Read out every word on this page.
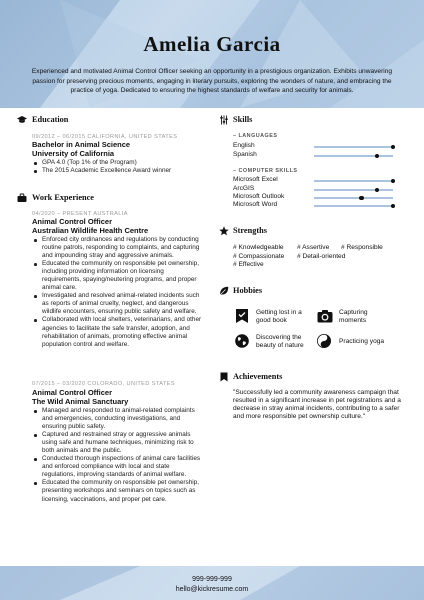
Amelia Garcia
Experienced and motivated Animal Control Officer seeking an opportunity in a prestigious organization. Exhibits unwavering passion for preserving precious moments, engaging in literary pursuits, exploring the wonders of nature, and embracing the practice of yoga. Dedicated to ensuring the highest standards of welfare and security for animals.
Education
09/2012 – 06/2015 CALIFORNIA, UNITED STATES
Bachelor in Animal Science
University of California
GPA 4.0 (Top 1% of the Program)
The 2015 Academic Excellence Award winner
Work Experience
04/2020 – PRESENT AUSTRALIA
Animal Control Officer
Australian Wildlife Health Centre
Enforced city ordinances and regulations by conducting routine patrols, responding to complaints, and capturing and impounding stray and aggressive animals.
Educated the community on responsible pet ownership, including providing information on licensing requirements, spaying/neutering programs, and proper animal care.
Investigated and resolved animal-related incidents such as reports of animal cruelty, neglect, and dangerous wildlife encounters, ensuring public safety and welfare.
Collaborated with local shelters, veterinarians, and other agencies to facilitate the safe transfer, adoption, and rehabilitation of animals, promoting effective animal population control and welfare.
07/2015 – 03/2020 COLORADO, UNITED STATES
Animal Control Officer
The Wild Animal Sanctuary
Managed and responded to animal-related complaints and emergencies, conducting investigations, and ensuring public safety.
Captured and restrained stray or aggressive animals using safe and humane techniques, minimizing risk to both animals and the public.
Conducted thorough inspections of animal care facilities and enforced compliance with local and state regulations, improving standards of animal welfare.
Educated the community on responsible pet ownership, presenting workshops and seminars on topics such as licensing, vaccinations, and proper pet care.
Skills
– LANGUAGES
English
Spanish
– COMPUTER SKILLS
Microsoft Excel
ArcGIS
Microsoft Outlook
Microsoft Word
Strengths
# Knowledgeable # Assertive # Responsible
# Compassionate # Detail-oriented
# Effective
Hobbies
Getting lost in a
good book
Capturing
moments
Discovering the
beauty of nature
Practicing yoga
Achievements
"Successfully led a community awareness campaign that resulted in a significant increase in pet registrations and a decrease in stray animal incidents, contributing to a safer and more responsible pet ownership culture."
999-999-999
hello@kickresume.com
